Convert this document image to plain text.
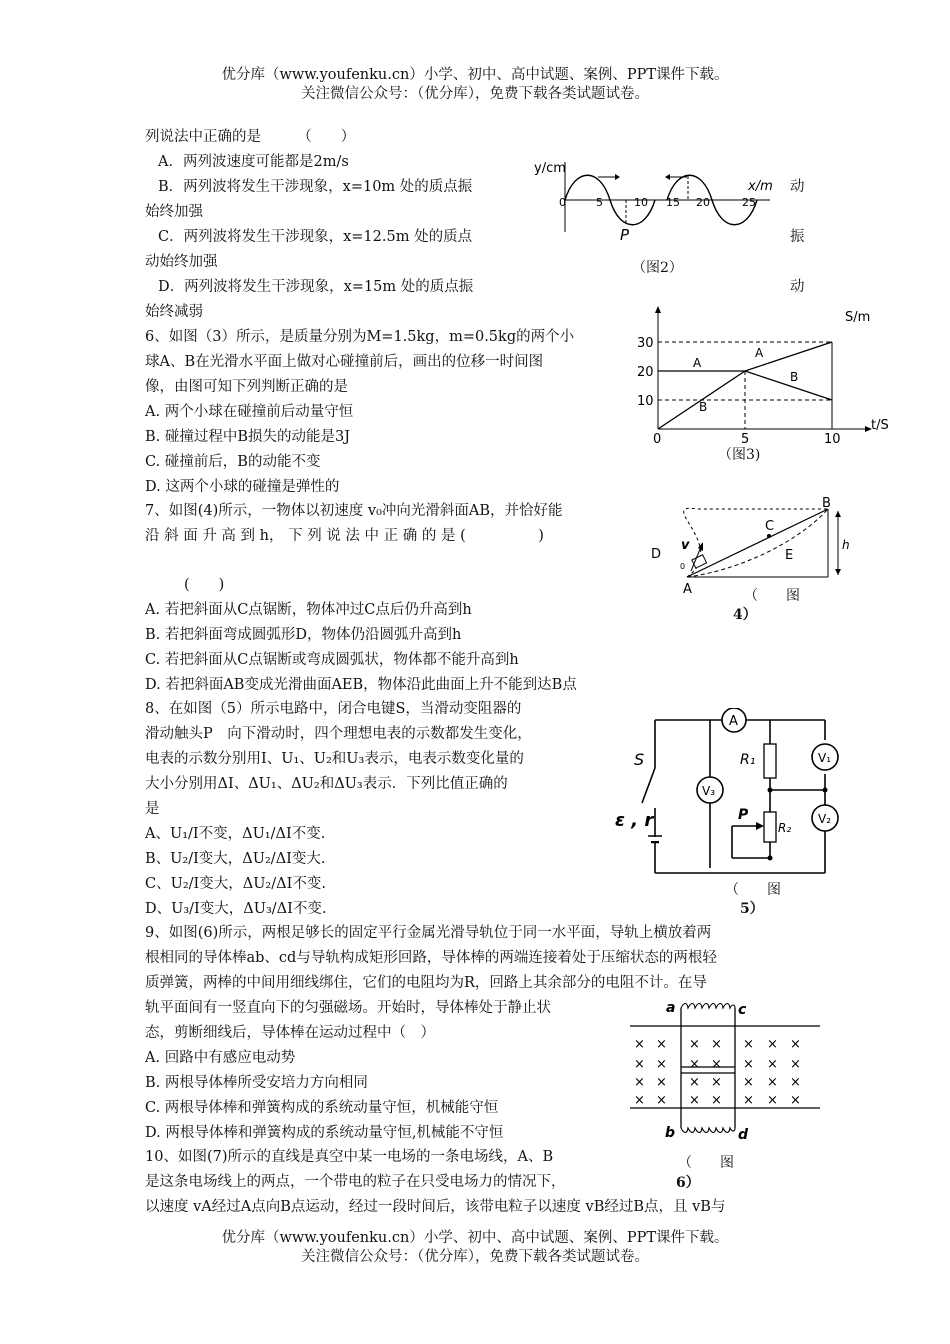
优分库（www.youfenku.cn）小学、初中、高中试题、案例、PPT课件下载。
关注微信公众号：（优分库），免费下载各类试题试卷。
列说法中正确的是　　　（　　）
A．两列波速度可能都是2m/s
B．两列波将发生干涉现象，x=10m 处的质点振	动
始终加强
C．两列波将发生干涉现象，x=12.5m 处的质点	振
动始终加强
D．两列波将发生干涉现象，x=15m 处的质点振	动
始终减弱
y/cm
x/m
0	5	10 15 20	25
P
（图2）
6、如图（3）所示，是质量分别为M=1.5kg，m=0.5kg的两个小
球A、B在光滑水平面上做对心碰撞前后，画出的位移一时间图
像，由图可知下列判断正确的是
A. 两个小球在碰撞前后动量守恒
B. 碰撞过程中B损失的动能是3J
C. 碰撞前后，B的动能不变
D. 这两个小球的碰撞是弹性的
S/m
t/S
10
20
30
0	5	10
A
A
B
B
（图3)
7、如图(4)所示，一物体以初速度 v₀冲向光滑斜面AB，并恰好能
沿 斜 面 升 高 到 h， 下 列 说 法 中 正 确 的 是 (　　　　　)
(　　)
A. 若把斜面从C点锯断，物体冲过C点后仍升高到h
B. 若把斜面弯成圆弧形D，物体仍沿圆弧升高到h
C. 若把斜面从C点锯断或弯成圆弧状，物体都不能升高到h
D. 若把斜面AB变成光滑曲面AEB，物体沿此曲面上升不能到达B点
B
C
D	E
A
h
v
0
（　　图
4）
8、在如图（5）所示电路中，闭合电键S，当滑动变阻器的
滑动触头P　向下滑动时，四个理想电表的示数都发生变化，
电表的示数分别用I、U₁、U₂和U₃表示，电表示数变化量的
大小分别用ΔI、ΔU₁、ΔU₂和ΔU₃表示．下列比值正确的
是
A、U₁/I不变，ΔU₁/ΔI不变.
B、U₂/I变大，ΔU₂/ΔI变大.
C、U₂/I变大，ΔU₂/ΔI不变.
D、U₃/I变大，ΔU₃/ΔI不变.
A
V₁
V₂
V₃
R₁
R₂
S
P
ε , r
（　　图
5）
9、如图(6)所示，两根足够长的固定平行金属光滑导轨位于同一水平面，导轨上横放着两
根相同的导体棒ab、cd与导轨构成矩形回路，导体棒的两端连接着处于压缩状态的两根轻
质弹簧，两棒的中间用细线绑住，它们的电阻均为R，回路上其余部分的电阻不计。在导
轨平面间有一竖直向下的匀强磁场。开始时，导体棒处于静止状
态，剪断细线后，导体棒在运动过程中（　）
A. 回路中有感应电动势
B. 两根导体棒所受安培力方向相同
C. 两根导体棒和弹簧构成的系统动量守恒，机械能守恒
D. 两根导体棒和弹簧构成的系统动量守恒,机械能不守恒
× × × × × × ×
× × × × × × ×
× × × × × × ×
× × × × × × ×
a
b
c
d
（　　图
6）
10、如图(7)所示的直线是真空中某一电场的一条电场线，A、B
是这条电场线上的两点，一个带电的粒子在只受电场力的情况下，
以速度 vA经过A点向B点运动，经过一段时间后，该带电粒子以速度 vB经过B点，且 vB与
优分库（www.youfenku.cn）小学、初中、高中试题、案例、PPT课件下载。
关注微信公众号：（优分库），免费下载各类试题试卷。
